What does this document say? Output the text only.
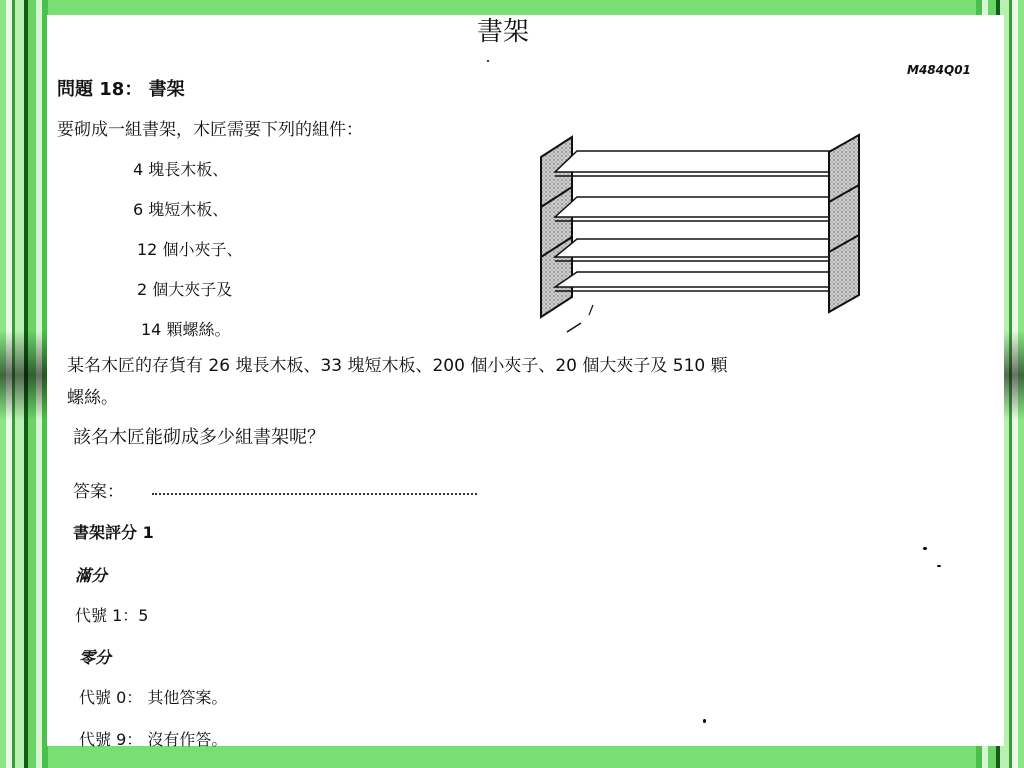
書架
M484Q01
問題 18： 書架
要砌成一組書架，木匠需要下列的組件：
4 塊長木板、
6 塊短木板、
12 個小夾子、
2 個大夾子及
14 顆螺絲。
某名木匠的存貨有 26 塊長木板、33 塊短木板、200 個小夾子、20 個大夾子及 510 顆
螺絲。
該名木匠能砌成多少組書架呢？
答案：
書架評分 1
滿分
代號 1：5
零分
代號 0： 其他答案。
代號 9： 沒有作答。
